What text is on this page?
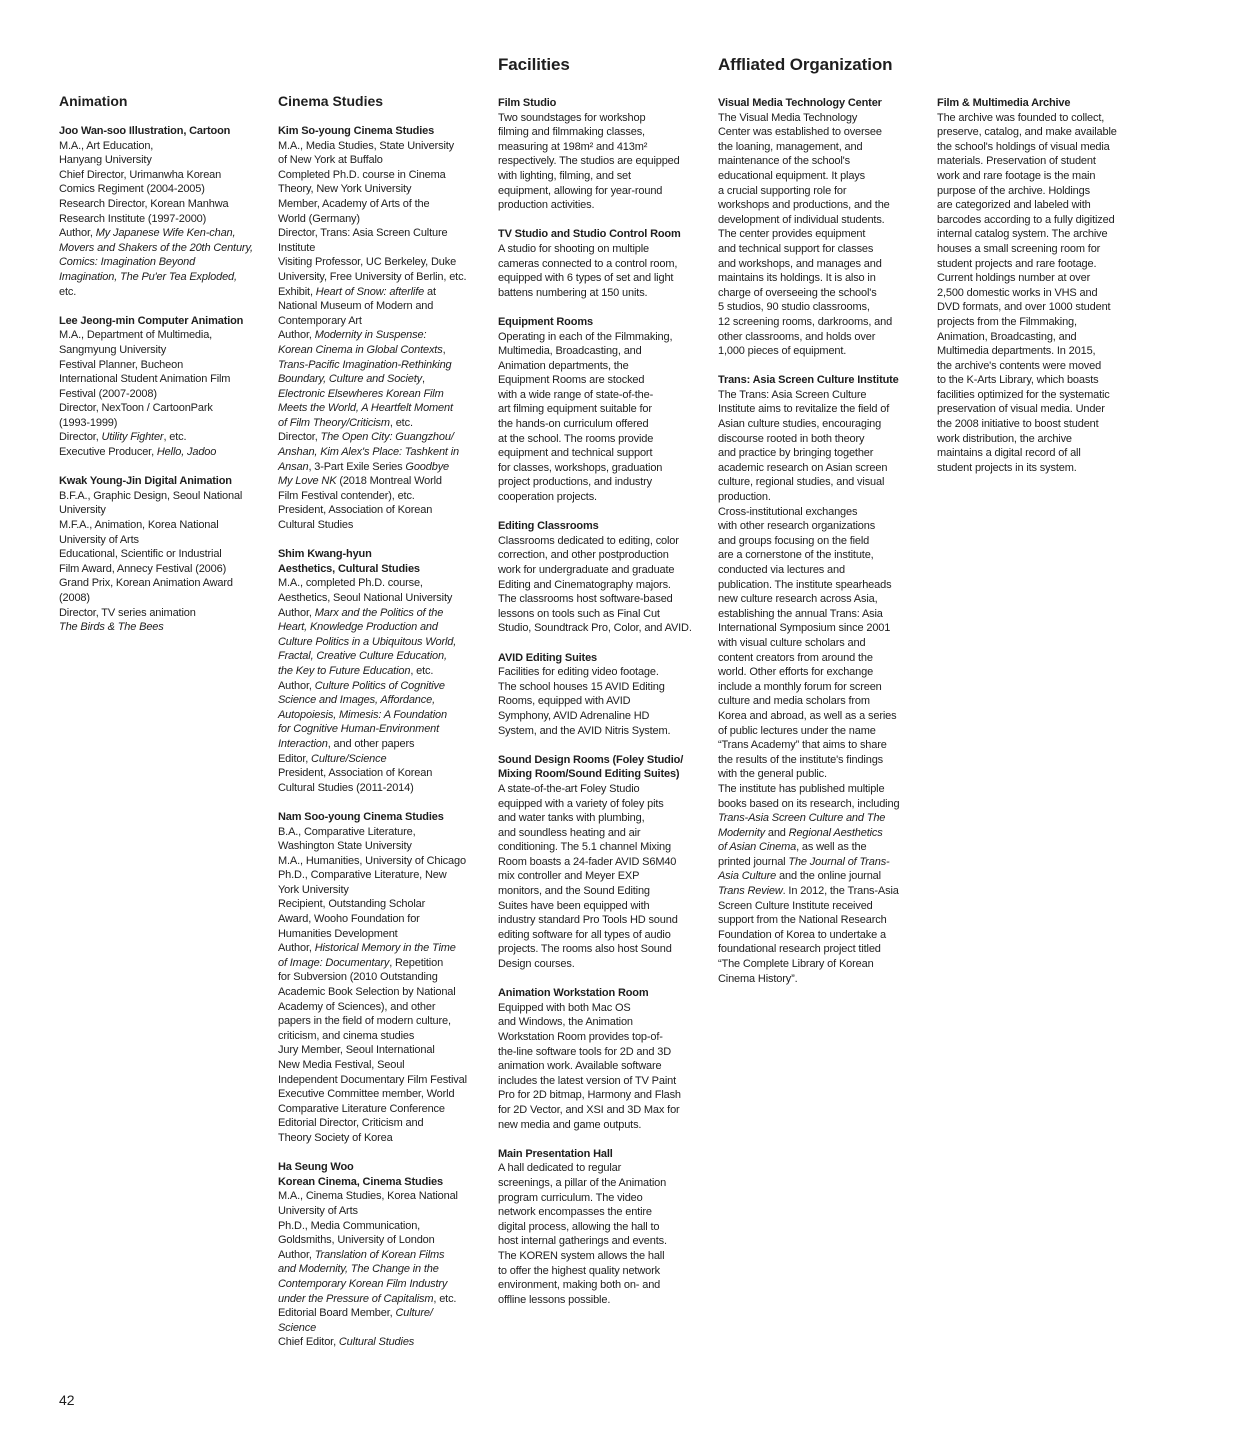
Facilities	Affliated Organization
Animation
Joo Wan-soo Illustration, Cartoon
M.A., Art Education,
Hanyang University
Chief Director, Urimanwha Korean
Comics Regiment (2004-2005)
Research Director, Korean Manhwa
Research Institute (1997-2000)
Author, My Japanese Wife Ken-chan,
Movers and Shakers of the 20th Century,
Comics: Imagination Beyond
Imagination, The Pu'er Tea Exploded,
etc.
Lee Jeong-min Computer Animation
M.A., Department of Multimedia,
Sangmyung University
Festival Planner, Bucheon
International Student Animation Film
Festival (2007-2008)
Director, NexToon / CartoonPark
(1993-1999)
Director, Utility Fighter, etc.
Executive Producer, Hello, Jadoo
Kwak Young-Jin Digital Animation
B.F.A., Graphic Design, Seoul National
University
M.F.A., Animation, Korea National
University of Arts
Educational, Scientific or Industrial
Film Award, Annecy Festival (2006)
Grand Prix, Korean Animation Award
(2008)
Director, TV series animation
The Birds & The Bees
Cinema Studies
Kim So-young Cinema Studies
M.A., Media Studies, State University
of New York at Buffalo
Completed Ph.D. course in Cinema
Theory, New York University
Member, Academy of Arts of the
World (Germany)
Director, Trans: Asia Screen Culture
Institute
Visiting Professor, UC Berkeley, Duke
University, Free University of Berlin, etc.
Exhibit, Heart of Snow: afterlife at
National Museum of Modern and
Contemporary Art
Author, Modernity in Suspense:
Korean Cinema in Global Contexts,
Trans-Pacific Imagination-Rethinking
Boundary, Culture and Society,
Electronic Elsewheres Korean Film
Meets the World, A Heartfelt Moment
of Film Theory/Criticism, etc.
Director, The Open City: Guangzhou/
Anshan, Kim Alex's Place: Tashkent in
Ansan, 3-Part Exile Series Goodbye
My Love NK (2018 Montreal World
Film Festival contender), etc.
President, Association of Korean
Cultural Studies
Shim Kwang-hyun
Aesthetics, Cultural Studies
M.A., completed Ph.D. course,
Aesthetics, Seoul National University
Author, Marx and the Politics of the
Heart, Knowledge Production and
Culture Politics in a Ubiquitous World,
Fractal, Creative Culture Education,
the Key to Future Education, etc.
Author, Culture Politics of Cognitive
Science and Images, Affordance,
Autopoiesis, Mimesis: A Foundation
for Cognitive Human-Environment
Interaction, and other papers
Editor, Culture/Science
President, Association of Korean
Cultural Studies (2011-2014)
Nam Soo-young Cinema Studies
B.A., Comparative Literature,
Washington State University
M.A., Humanities, University of Chicago
Ph.D., Comparative Literature, New
York University
Recipient, Outstanding Scholar
Award, Wooho Foundation for
Humanities Development
Author, Historical Memory in the Time
of Image: Documentary, Repetition
for Subversion (2010 Outstanding
Academic Book Selection by National
Academy of Sciences), and other
papers in the field of modern culture,
criticism, and cinema studies
Jury Member, Seoul International
New Media Festival, Seoul
Independent Documentary Film Festival
Executive Committee member, World
Comparative Literature Conference
Editorial Director, Criticism and
Theory Society of Korea
Ha Seung Woo
Korean Cinema, Cinema Studies
M.A., Cinema Studies, Korea National
University of Arts
Ph.D., Media Communication,
Goldsmiths, University of London
Author, Translation of Korean Films
and Modernity, The Change in the
Contemporary Korean Film Industry
under the Pressure of Capitalism, etc.
Editorial Board Member, Culture/
Science
Chief Editor, Cultural Studies
Film Studio
Two soundstages for workshop
filming and filmmaking classes,
measuring at 198m² and 413m²
respectively. The studios are equipped
with lighting, filming, and set
equipment, allowing for year-round
production activities.
TV Studio and Studio Control Room
A studio for shooting on multiple
cameras connected to a control room,
equipped with 6 types of set and light
battens numbering at 150 units.
Equipment Rooms
Operating in each of the Filmmaking,
Multimedia, Broadcasting, and
Animation departments, the
Equipment Rooms are stocked
with a wide range of state-of-the-
art filming equipment suitable for
the hands-on curriculum offered
at the school. The rooms provide
equipment and technical support
for classes, workshops, graduation
project productions, and industry
cooperation projects.
Editing Classrooms
Classrooms dedicated to editing, color
correction, and other postproduction
work for undergraduate and graduate
Editing and Cinematography majors.
The classrooms host software-based
lessons on tools such as Final Cut
Studio, Soundtrack Pro, Color, and AVID.
AVID Editing Suites
Facilities for editing video footage.
The school houses 15 AVID Editing
Rooms, equipped with AVID
Symphony, AVID Adrenaline HD
System, and the AVID Nitris System.
Sound Design Rooms (Foley Studio/
Mixing Room/Sound Editing Suites)
A state-of-the-art Foley Studio
equipped with a variety of foley pits
and water tanks with plumbing,
and soundless heating and air
conditioning. The 5.1 channel Mixing
Room boasts a 24-fader AVID S6M40
mix controller and Meyer EXP
monitors, and the Sound Editing
Suites have been equipped with
industry standard Pro Tools HD sound
editing software for all types of audio
projects. The rooms also host Sound
Design courses.
Animation Workstation Room
Equipped with both Mac OS
and Windows, the Animation
Workstation Room provides top-of-
the-line software tools for 2D and 3D
animation work. Available software
includes the latest version of TV Paint
Pro for 2D bitmap, Harmony and Flash
for 2D Vector, and XSI and 3D Max for
new media and game outputs.
Main Presentation Hall
A hall dedicated to regular
screenings, a pillar of the Animation
program curriculum. The video
network encompasses the entire
digital process, allowing the hall to
host internal gatherings and events.
The KOREN system allows the hall
to offer the highest quality network
environment, making both on- and
offline lessons possible.
Visual Media Technology Center
The Visual Media Technology
Center was established to oversee
the loaning, management, and
maintenance of the school's
educational equipment. It plays
a crucial supporting role for
workshops and productions, and the
development of individual students.
The center provides equipment
and technical support for classes
and workshops, and manages and
maintains its holdings. It is also in
charge of overseeing the school's
5 studios, 90 studio classrooms,
12 screening rooms, darkrooms, and
other classrooms, and holds over
1,000 pieces of equipment.
Trans: Asia Screen Culture Institute
The Trans: Asia Screen Culture
Institute aims to revitalize the field of
Asian culture studies, encouraging
discourse rooted in both theory
and practice by bringing together
academic research on Asian screen
culture, regional studies, and visual
production.
Cross-institutional exchanges
with other research organizations
and groups focusing on the field
are a cornerstone of the institute,
conducted via lectures and
publication. The institute spearheads
new culture research across Asia,
establishing the annual Trans: Asia
International Symposium since 2001
with visual culture scholars and
content creators from around the
world. Other efforts for exchange
include a monthly forum for screen
culture and media scholars from
Korea and abroad, as well as a series
of public lectures under the name
“Trans Academy” that aims to share
the results of the institute's findings
with the general public.
The institute has published multiple
books based on its research, including
Trans-Asia Screen Culture and The
Modernity and Regional Aesthetics
of Asian Cinema, as well as the
printed journal The Journal of Trans-
Asia Culture and the online journal
Trans Review. In 2012, the Trans-Asia
Screen Culture Institute received
support from the National Research
Foundation of Korea to undertake a
foundational research project titled
“The Complete Library of Korean
Cinema History”.
Film & Multimedia Archive
The archive was founded to collect,
preserve, catalog, and make available
the school's holdings of visual media
materials. Preservation of student
work and rare footage is the main
purpose of the archive. Holdings
are categorized and labeled with
barcodes according to a fully digitized
internal catalog system. The archive
houses a small screening room for
student projects and rare footage.
Current holdings number at over
2,500 domestic works in VHS and
DVD formats, and over 1000 student
projects from the Filmmaking,
Animation, Broadcasting, and
Multimedia departments. In 2015,
the archive's contents were moved
to the K-Arts Library, which boasts
facilities optimized for the systematic
preservation of visual media. Under
the 2008 initiative to boost student
work distribution, the archive
maintains a digital record of all
student projects in its system.

42
